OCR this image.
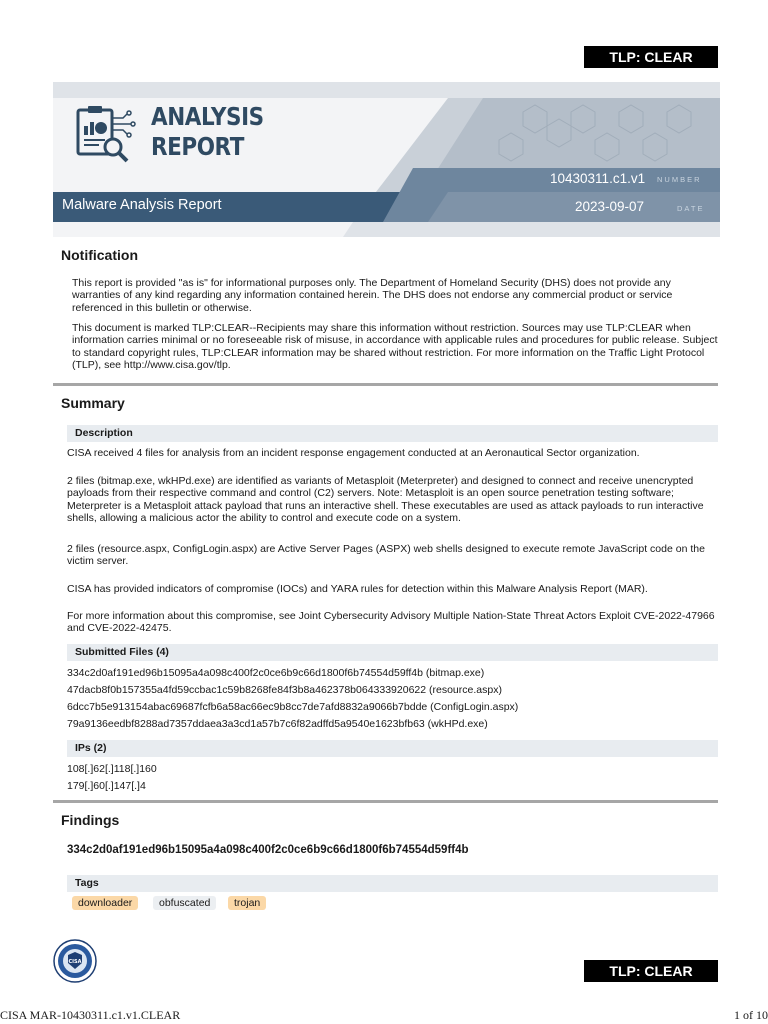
TLP: CLEAR
ANALYSIS
REPORT
Malware Analysis Report
10430311.c1.v1 NUMBER
2023-09-07	DATE
Notification
This report is provided "as is" for informational purposes only. The Department of Homeland Security (DHS) does not provide any warranties of any kind regarding any information contained herein. The DHS does not endorse any commercial product or service referenced in this bulletin or otherwise.
This document is marked TLP:CLEAR--Recipients may share this information without restriction. Sources may use TLP:CLEAR when information carries minimal or no foreseeable risk of misuse, in accordance with applicable rules and procedures for public release. Subject to standard copyright rules, TLP:CLEAR information may be shared without restriction. For more information on the Traffic Light Protocol (TLP), see http://www.cisa.gov/tlp.
Summary
Description
CISA received 4 files for analysis from an incident response engagement conducted at an Aeronautical Sector organization.
2 files (bitmap.exe, wkHPd.exe) are identified as variants of Metasploit (Meterpreter) and designed to connect and receive unencrypted payloads from their respective command and control (C2) servers. Note: Metasploit is an open source penetration testing software; Meterpreter is a Metasploit attack payload that runs an interactive shell. These executables are used as attack payloads to run interactive shells, allowing a malicious actor the ability to control and execute code on a system.
2 files (resource.aspx, ConfigLogin.aspx) are Active Server Pages (ASPX) web shells designed to execute remote JavaScript code on the victim server.
CISA has provided indicators of compromise (IOCs) and YARA rules for detection within this Malware Analysis Report (MAR).
For more information about this compromise, see Joint Cybersecurity Advisory Multiple Nation-State Threat Actors Exploit CVE-2022-47966 and CVE-2022-42475.
Submitted Files (4)
334c2d0af191ed96b15095a4a098c400f2c0ce6b9c66d1800f6b74554d59ff4b (bitmap.exe)
47dacb8f0b157355a4fd59ccbac1c59b8268fe84f3b8a462378b064333920622 (resource.aspx)
6dcc7b5e913154abac69687fcfb6a58ac66ec9b8cc7de7afd8832a9066b7bdde (ConfigLogin.aspx)
79a9136eedbf8288ad7357ddaea3a3cd1a57b7c6f82adffd5a9540e1623bfb63 (wkHPd.exe)
IPs (2)
108[.]62[.]118[.]160
179[.]60[.]147[.]4
Findings
334c2d0af191ed96b15095a4a098c400f2c0ce6b9c66d1800f6b74554d59ff4b
Tags
downloader	obfuscated	trojan
CISA
TLP: CLEAR
CISA MAR-10430311.c1.v1.CLEAR	1 of 10
